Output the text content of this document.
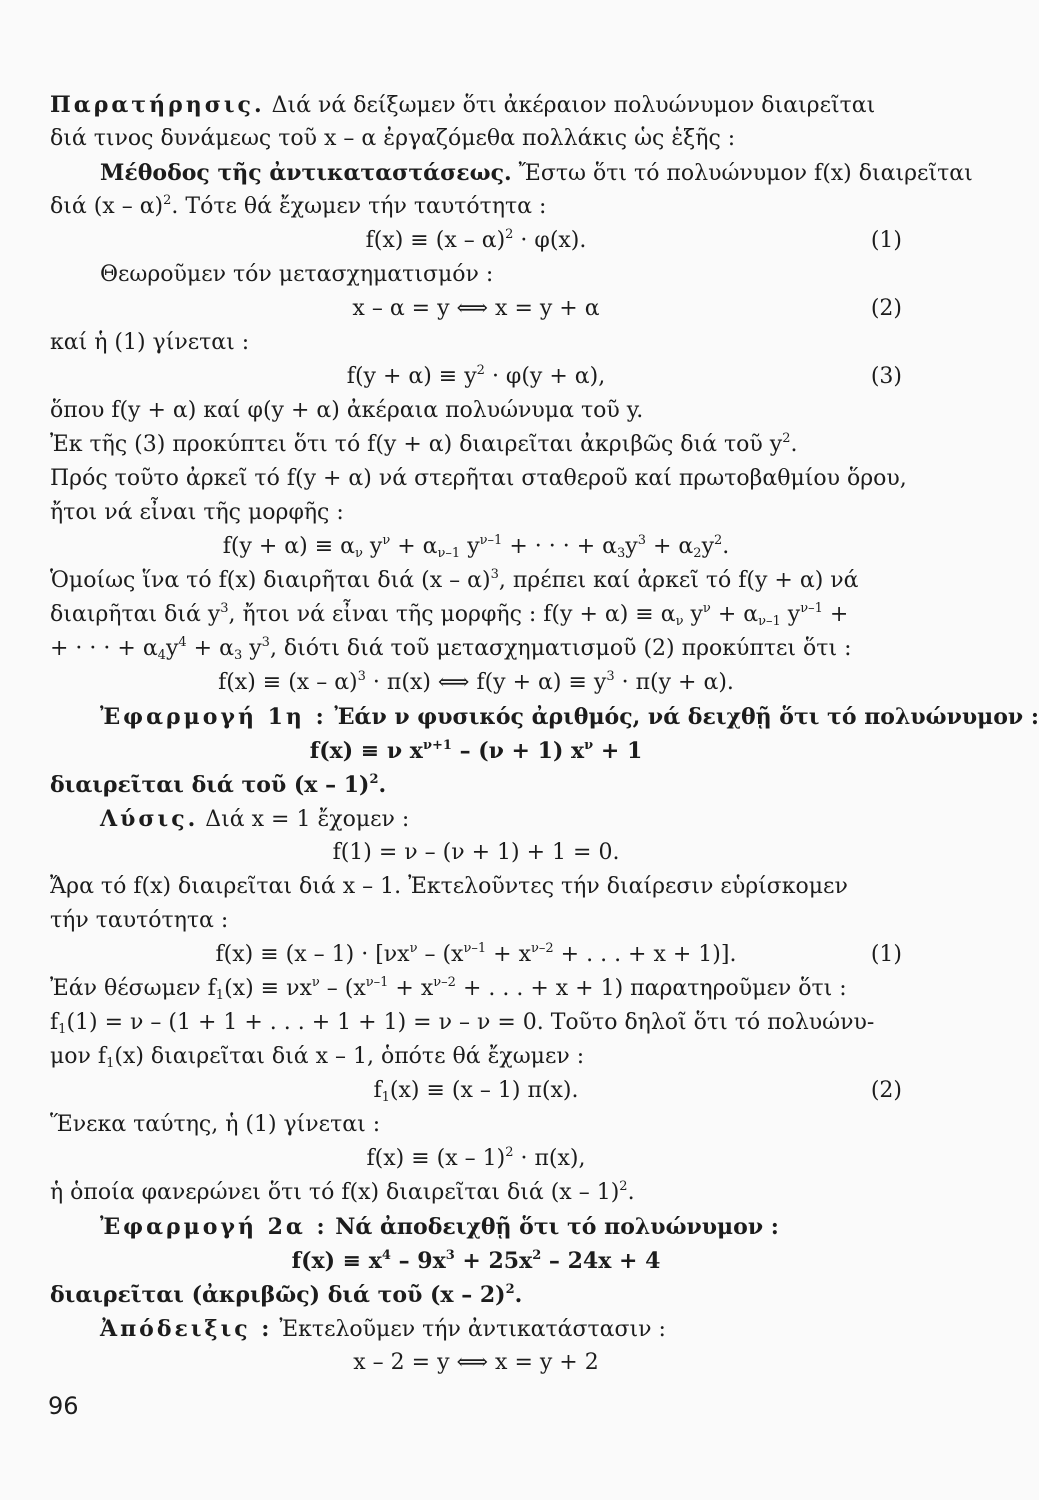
Παρατήρησις. Διά νά δείξωμεν ὅτι ἀκέραιον πολυώνυμον διαιρεῖται
διά τινος δυνάμεως τοῦ x – α ἐργαζόμεθα πολλάκις ὡς ἑξῆς :
Μέθοδος τῆς ἀντικαταστάσεως. Ἔστω ὅτι τό πολυώνυμον f(x) διαιρεῖται
διά (x – α)$^2$. Τότε θά ἔχωμεν τήν ταυτότητα :
f(x) ≡ (x – α)$^2$ · φ(x).	(1)
Θεωροῦμεν τόν μετασχηματισμόν :
x – α = y ⟺ x = y + α	(2)
καί ἡ (1) γίνεται :
$f(y + \alpha) \equiv y^2 \cdot \varphi(y + \alpha)$,	(3)
ὅπου f(y + α) καί φ(y + α) ἀκέραια πολυώνυμα τοῦ y.
Ἐκ τῆς (3) προκύπτει ὅτι τό f(y + α) διαιρεῖται ἀκριβῶς διά τοῦ $y^2$.
Πρός τοῦτο ἀρκεῖ τό f(y + α) νά στερῆται σταθεροῦ καί πρωτοβαθμίου ὅρου,
ἤτοι νά εἶναι τῆς μορφῆς :
$f(y + \alpha) \equiv \alpha_\nu$ $y^\nu + \alpha_{\nu-1}$ $y^{\nu-1}$ + · · · + $\alpha_3y^3 + \alpha_2y^2$.
Ὁμοίως ἵνα τό f(x) διαιρῆται διά (x – α)$^3$, πρέπει καί ἀρκεῖ τό f(y + α) νά
διαιρῆται διά $y^3$, ἤτοι νά εἶναι τῆς μορφῆς : $f(y + \alpha) \equiv \alpha_\nu$ $y^\nu + \alpha_{\nu-1}$ $y^{\nu-1}$ +
+ · · · + $\alpha_4y^4 + \alpha_3$ $y^3$, διότι διά τοῦ μετασχηματισμοῦ (2) προκύπτει ὅτι :
f(x) ≡ (x – α)$^3$ · π(x) ⟺ $f(y + \alpha) \equiv y^3 \cdot \pi(y + \alpha)$.
Ἐφαρμογή 1η : Ἐάν ν φυσικός ἀριθμός, νά δειχθῇ ὅτι τό πολυώνυμον :
f(x) ≡ ν $x^{\nu+1} - (\nu + 1) x^\nu + 1$
διαιρεῖται διά τοῦ (x – 1)$^2$.
Λύσις. Διά x = 1 ἔχομεν :
f(1) = ν – (ν + 1) + 1 = 0.
Ἄρα τό f(x) διαιρεῖται διά x – 1. Ἐκτελοῦντες τήν διαίρεσιν εὑρίσκομεν
τήν ταυτότητα :
$f(x) \equiv (x - 1) \cdot [\nu x^\nu - (x^{\nu-1} + x^{\nu-2}$ + . . . + x + 1)].	(1)
Ἐάν θέσωμεν $f_1(x) \equiv \nu x^\nu - (x^{\nu-1} + x^{\nu-2}$ + . . . + x + 1) παρατηροῦμεν ὅτι :
$f_1(1) = \nu - (1 + 1$ + . . . + 1 + 1) = ν – ν = 0. Τοῦτο δηλοῖ ὅτι τό πολυώνυ-
μον $f_1(x)$ διαιρεῖται διά x – 1, ὁπότε θά ἔχωμεν :
$f_1(x) \equiv (x - 1)$ π(x).	(2)
Ἕνεκα ταύτης, ἡ (1) γίνεται :
f(x) ≡ (x – 1)$^2$ · π(x),
ἡ ὁποία φανερώνει ὅτι τό f(x) διαιρεῖται διά (x – 1)$^2$.
Ἐφαρμογή 2α : Νά ἀποδειχθῇ ὅτι τό πολυώνυμον :
$f(x) \equiv x^4 - 9x^3 + 25x^2 - 24x + 4$
διαιρεῖται (ἀκριβῶς) διά τοῦ (x – 2)$^2$.
Ἀπόδειξις : Ἐκτελοῦμεν τήν ἀντικατάστασιν :
x – 2 = y ⟺ x = y + 2
96
